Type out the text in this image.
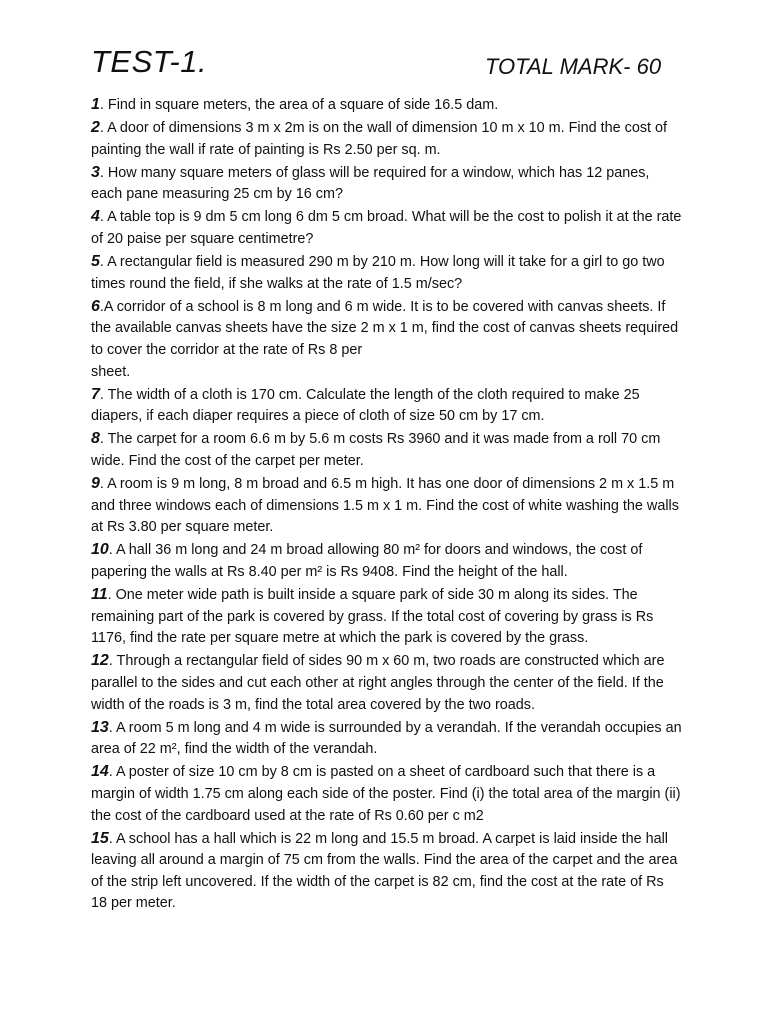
TEST-1.	TOTAL MARK- 60

1. Find in square meters, the area of a square of side 16.5 dam.

2. A door of dimensions 3 m x 2m is on the wall of dimension 10 m x 10 m. Find the cost of painting the wall if rate of painting is Rs 2.50 per sq. m.

3. How many square meters of glass will be required for a window, which has 12 panes, each pane measuring 25 cm by 16 cm?

4. A table top is 9 dm 5 cm long 6 dm 5 cm broad. What will be the cost to polish it at the rate of 20 paise per square centimetre?

5. A rectangular field is measured 290 m by 210 m. How long will it take for a girl to go two times round the field, if she walks at the rate of 1.5 m/sec?

6.A corridor of a school is 8 m long and 6 m wide. It is to be covered with canvas sheets. If the available canvas sheets have the size 2 m x 1 m, find the cost of canvas sheets required to cover the corridor at the rate of Rs 8 per
sheet.

7. The width of a cloth is 170 cm. Calculate the length of the cloth required to make 25 diapers, if each diaper requires a piece of cloth of size 50 cm by 17 cm.

8. The carpet for a room 6.6 m by 5.6 m costs Rs 3960 and it was made from a roll 70 cm wide. Find the cost of the carpet per meter.

9. A room is 9 m long, 8 m broad and 6.5 m high. It has one door of dimensions 2 m x 1.5 m and three windows each of dimensions 1.5 m x 1 m. Find the cost of white washing the walls at Rs 3.80 per square meter.

10. A hall 36 m long and 24 m broad allowing 80 m² for doors and windows, the cost of papering the walls at Rs 8.40 per m² is Rs 9408. Find the height of the hall.

11. One meter wide path is built inside a square park of side 30 m along its sides. The remaining part of the park is covered by grass. If the total cost of covering by grass is Rs 1176, find the rate per square metre at which the park is covered by the grass.

12. Through a rectangular field of sides 90 m x 60 m, two roads are constructed which are parallel to the sides and cut each other at right angles through the center of the field. If the width of the roads is 3 m, find the total area covered by the two roads.

13. A room 5 m long and 4 m wide is surrounded by a verandah. If the verandah occupies an area of 22 m², find the width of the verandah.

14. A poster of size 10 cm by 8 cm is pasted on a sheet of cardboard such that there is a margin of width 1.75 cm along each side of the poster. Find (i) the total area of the margin (ii) the cost of the cardboard used at the rate of Rs 0.60 per c m2

15. A school has a hall which is 22 m long and 15.5 m broad. A carpet is laid inside the hall leaving all around a margin of 75 cm from the walls. Find the area of the carpet and the area of the strip left uncovered. If the width of the carpet is 82 cm, find the cost at the rate of Rs 18 per meter.
